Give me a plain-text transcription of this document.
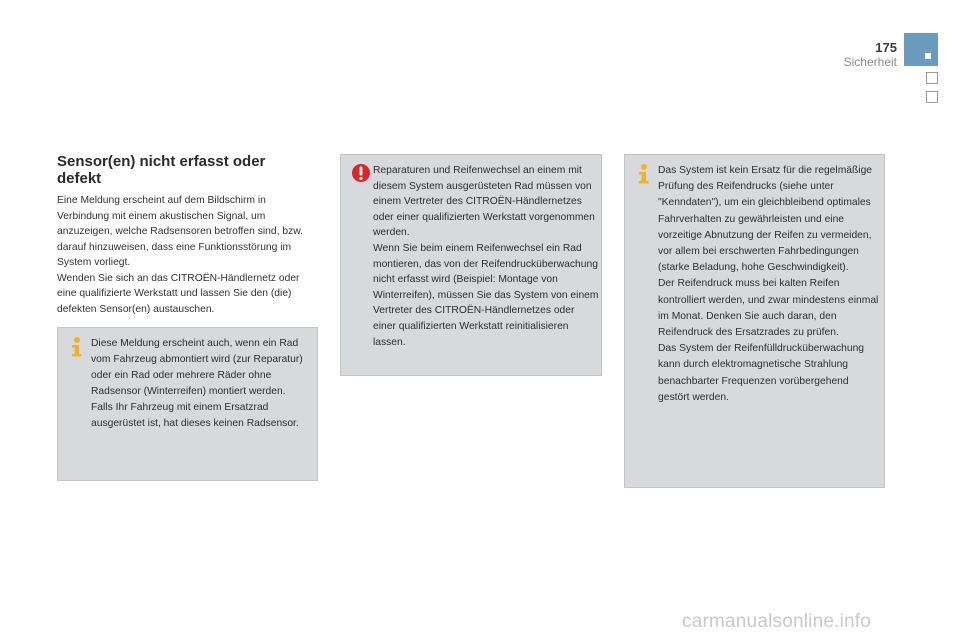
175
Sicherheit
Sensor(en) nicht erfasst oder defekt

Eine Meldung erscheint auf dem Bildschirm in Verbindung mit einem akustischen Signal, um anzuzeigen, welche Radsensoren betroffen sind, bzw. darauf hinzuweisen, dass eine Funktionsstörung im System vorliegt.

Wenden Sie sich an das CITROËN-Händlernetz oder eine qualifizierte Werkstatt und lassen Sie den (die) defekten Sensor(en) austauschen.

Diese Meldung erscheint auch, wenn ein Rad vom Fahrzeug abmontiert wird (zur Reparatur) oder ein Rad oder mehrere Räder ohne Radsensor (Winterreifen) montiert werden.

Falls Ihr Fahrzeug mit einem Ersatzrad ausgerüstet ist, hat dieses keinen Radsensor.

Reparaturen und Reifenwechsel an einem mit diesem System ausgerüsteten Rad müssen von einem Vertreter des CITROËN-Händlernetzes oder einer qualifizierten Werkstatt vorgenommen werden.

Wenn Sie beim einem Reifenwechsel ein Rad montieren, das von der Reifendrucküberwachung nicht erfasst wird (Beispiel: Montage von Winterreifen), müssen Sie das System von einem Vertreter des CITROËN-Händlernetzes oder einer qualifizierten Werkstatt reinitialisieren lassen.

Das System ist kein Ersatz für die regelmäßige Prüfung des Reifendrucks (siehe unter "Kenndaten"), um ein gleichbleibend optimales Fahrverhalten zu gewährleisten und eine vorzeitige Abnutzung der Reifen zu vermeiden, vor allem bei erschwerten Fahrbedingungen (starke Beladung, hohe Geschwindigkeit).

Der Reifendruck muss bei kalten Reifen kontrolliert werden, und zwar mindestens einmal im Monat. Denken Sie auch daran, den Reifendruck des Ersatzrades zu prüfen.

Das System der Reifenfülldrucküberwachung kann durch elektromagnetische Strahlung benachbarter Frequenzen vorübergehend gestört werden.

carmanualsonline.info
